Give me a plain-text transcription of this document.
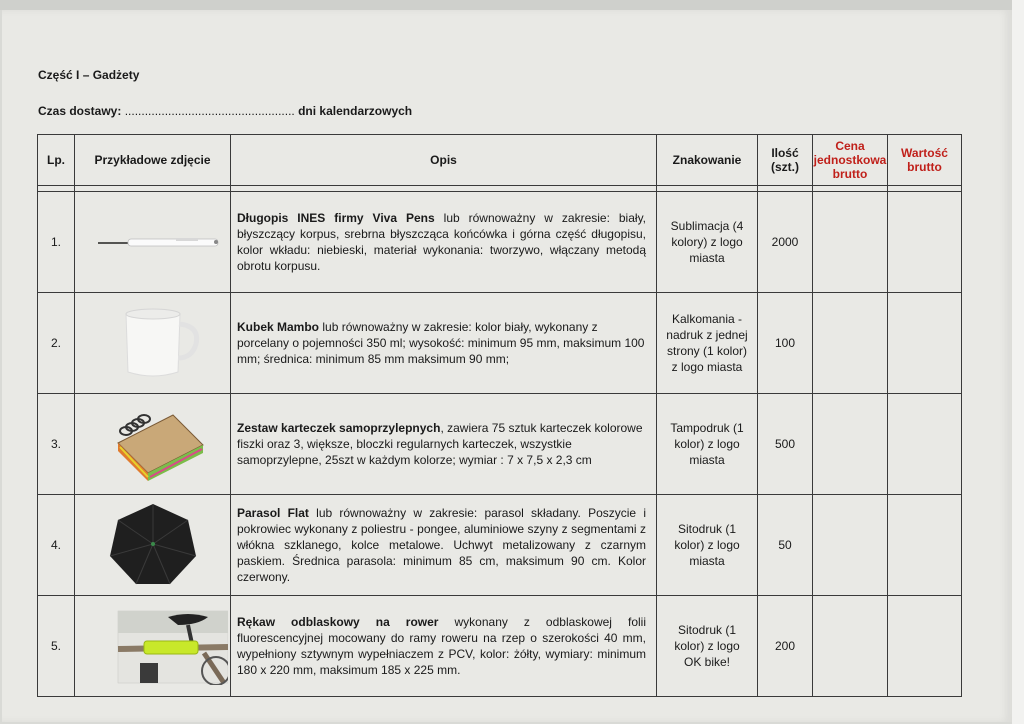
Część I – Gadżety
Czas dostawy: ................................................... dni kalendarzowych
Lp.	Przykładowe zdjęcie	Opis	Znakowanie	Ilość (szt.)	Cena jednostkowa brutto	Wartość brutto

1.		Długopis INES firmy Viva Pens lub równoważny w zakresie: biały, błyszczący korpus, srebrna błyszcząca końcówka i górna część długopisu, kolor wkładu: niebieski, materiał wykonania: tworzywo, włączany metodą obrotu korpusu.	Sublimacja (4 kolory) z logo miasta	2000		
2.		Kubek Mambo lub równoważny w zakresie: kolor biały, wykonany z porcelany o pojemności 350 ml; wysokość: minimum 95 mm, maksimum 100 mm; średnica: minimum 85 mm maksimum 90 mm;	Kalkomania - nadruk z jednej strony (1 kolor) z logo miasta	100		
3.		Zestaw karteczek samoprzylepnych, zawiera 75 sztuk karteczek kolorowe fiszki oraz 3, większe, bloczki regularnych karteczek, wszystkie samoprzylepne, 25szt w każdym kolorze; wymiar : 7 x 7,5 x 2,3 cm	Tampodruk (1 kolor) z logo miasta	500		
4.		Parasol Flat lub równoważny w zakresie: parasol składany. Poszycie i pokrowiec wykonany z poliestru - pongee, aluminiowe szyny z segmentami z włókna szklanego, kolce metalowe. Uchwyt metalizowany z czarnym paskiem. Średnica parasola: minimum 85 cm, maksimum 90 cm. Kolor czerwony.	Sitodruk (1 kolor) z logo miasta	50		
5.		Rękaw odblaskowy na rower wykonany z odblaskowej folii fluorescencyjnej mocowany do ramy roweru na rzep o szerokości 40 mm, wypełniony sztywnym wypełniaczem z PCV, kolor: żółty, wymiary: minimum 180 x 220 mm, maksimum 185 x 225 mm.	Sitodruk (1 kolor) z logo OK bike!	200		
